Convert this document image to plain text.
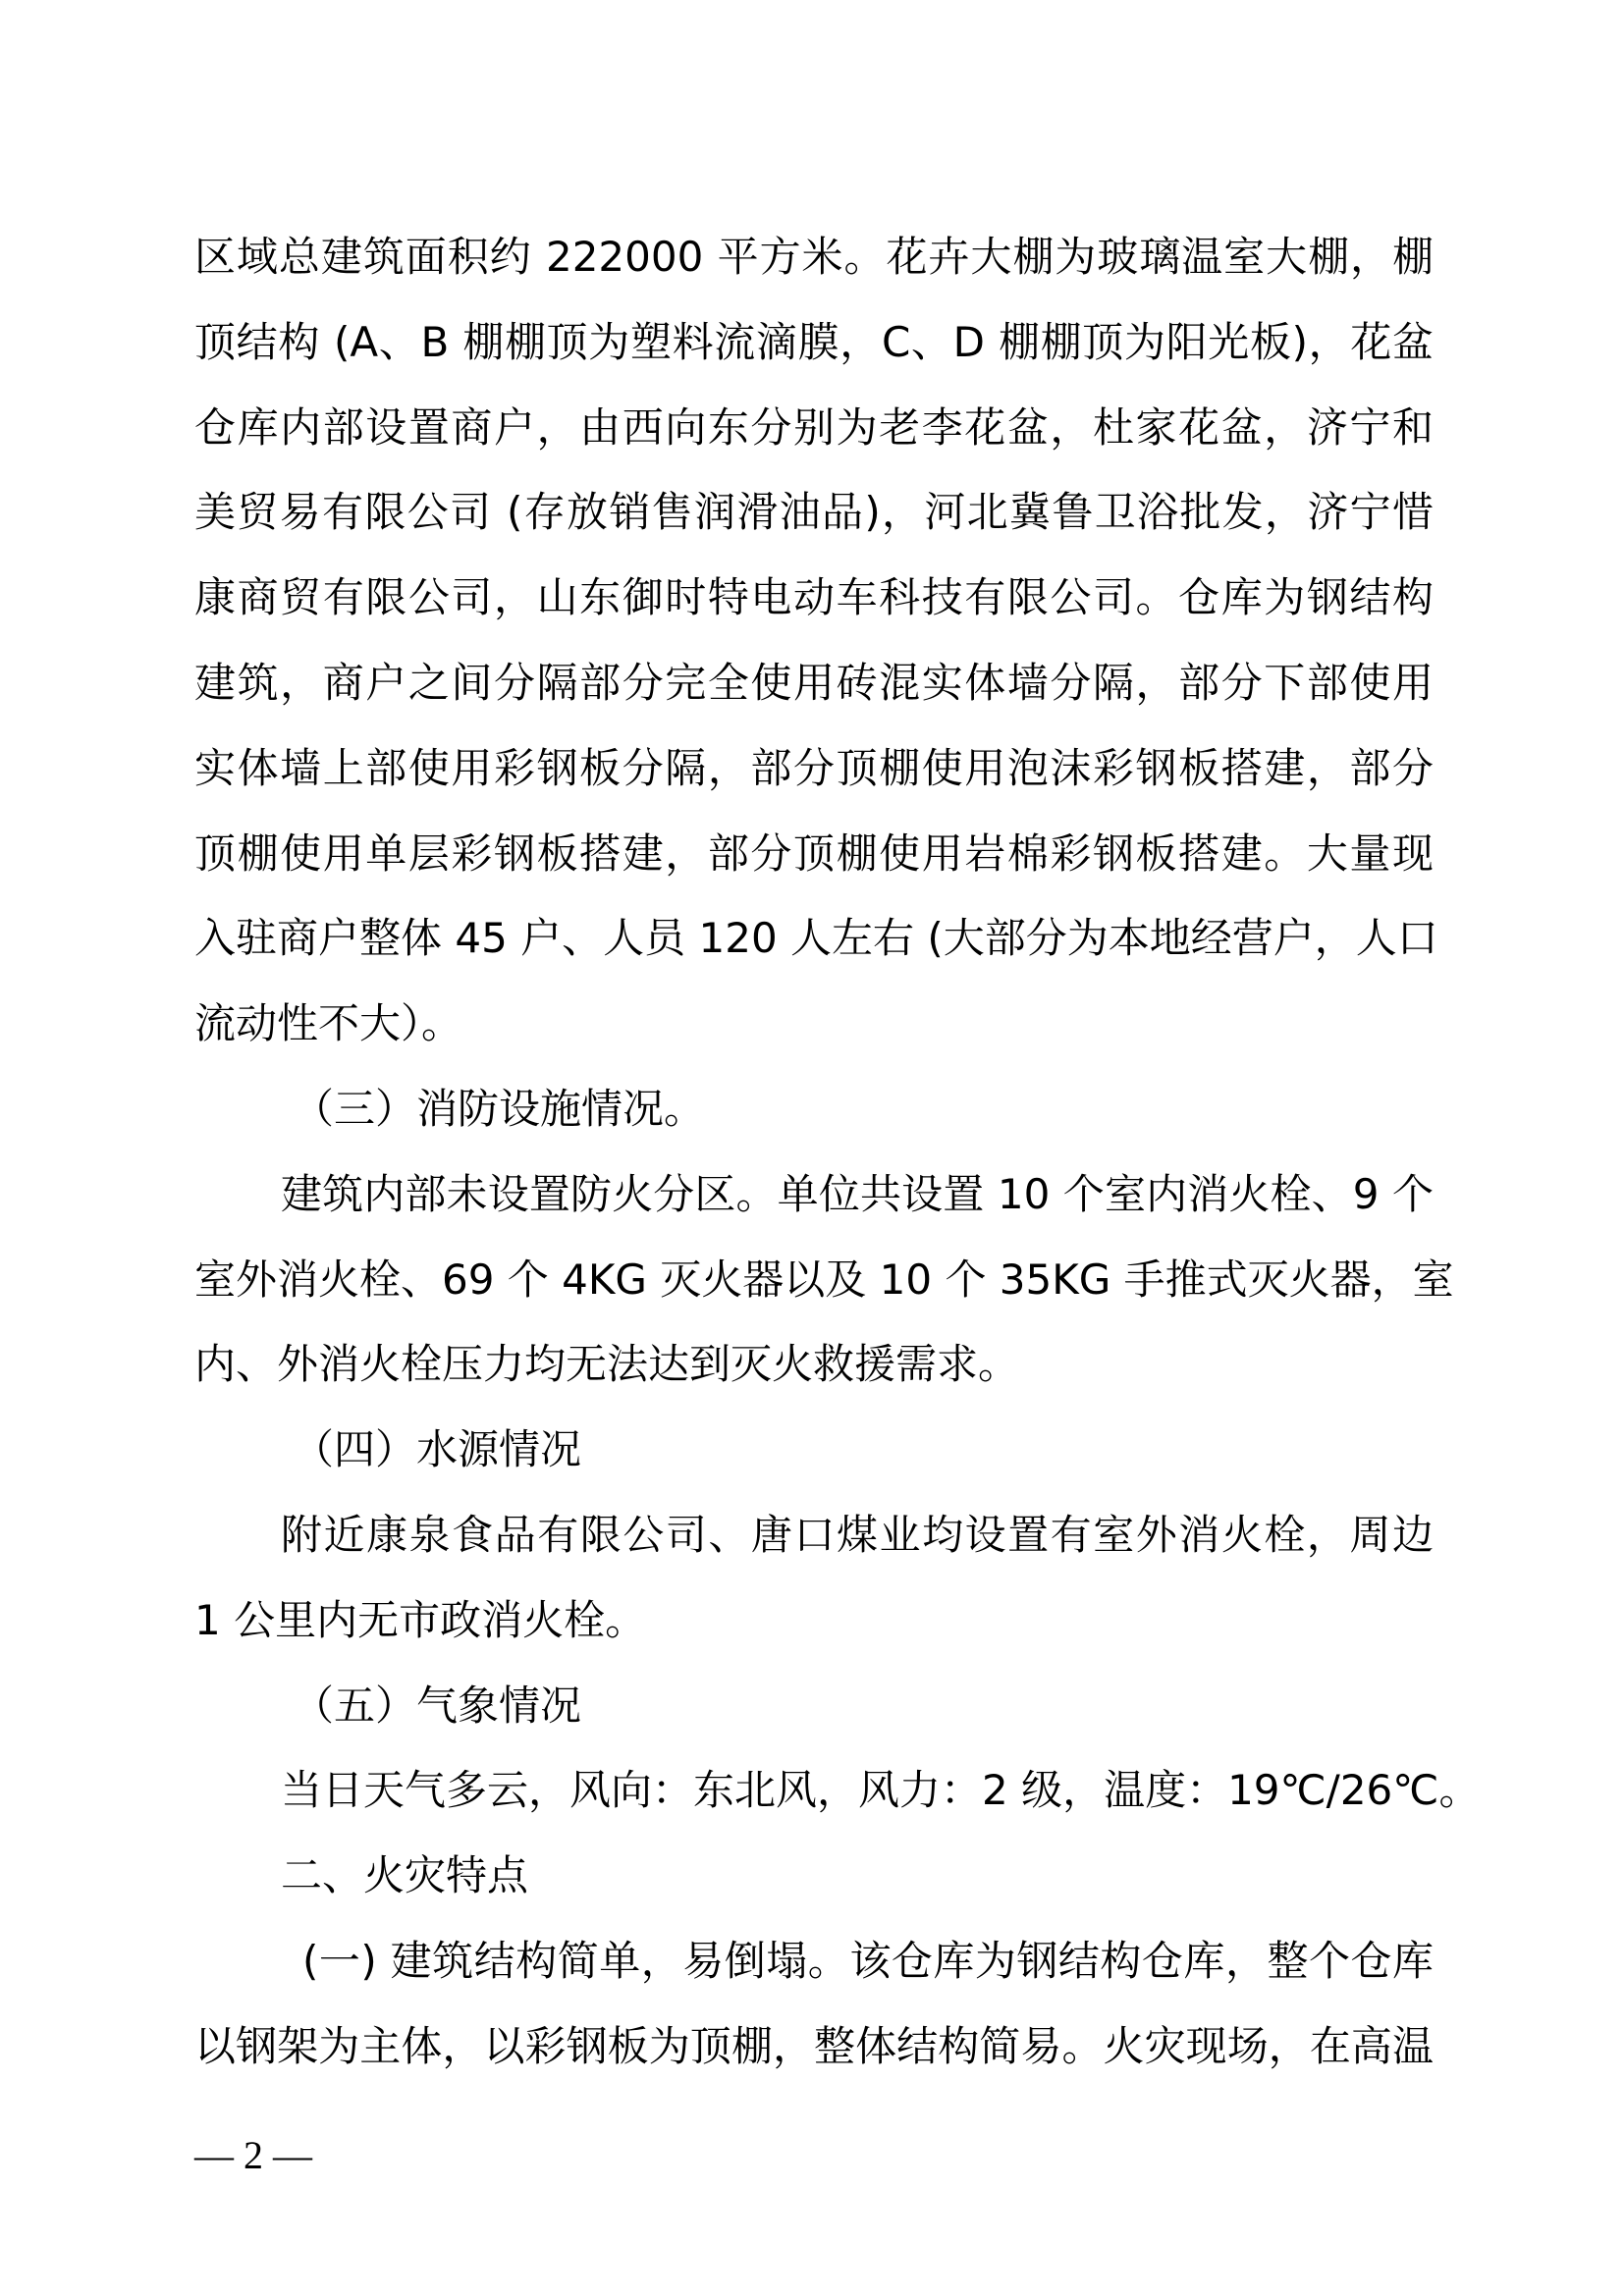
区域总建筑面积约 222000 平方米。花卉大棚为玻璃温室大棚，棚
顶结构 (A、B 棚棚顶为塑料流滴膜，C、D 棚棚顶为阳光板)，花盆
仓库内部设置商户，由西向东分别为老李花盆，杜家花盆，济宁和
美贸易有限公司 (存放销售润滑油品)，河北冀鲁卫浴批发，济宁惜
康商贸有限公司，山东御时特电动车科技有限公司。仓库为钢结构
建筑，商户之间分隔部分完全使用砖混实体墙分隔，部分下部使用
实体墙上部使用彩钢板分隔，部分顶棚使用泡沫彩钢板搭建，部分
顶棚使用单层彩钢板搭建，部分顶棚使用岩棉彩钢板搭建。大量现
入驻商户整体 45 户、人员 120 人左右 (大部分为本地经营户，人口
流动性不大）。
（三）消防设施情况。
建筑内部未设置防火分区。单位共设置 10 个室内消火栓、9 个
室外消火栓、69 个 4KG 灭火器以及 10 个 35KG 手推式灭火器，室
内、外消火栓压力均无法达到灭火救援需求。
（四）水源情况
附近康泉食品有限公司、唐口煤业均设置有室外消火栓，周边
1 公里内无市政消火栓。
（五）气象情况
当日天气多云，风向：东北风，风力：2 级，温度：19℃/26℃。
二、火灾特点
(一) 建筑结构简单，易倒塌。该仓库为钢结构仓库，整个仓库
以钢架为主体，以彩钢板为顶棚，整体结构简易。火灾现场，在高温
— 2 —
